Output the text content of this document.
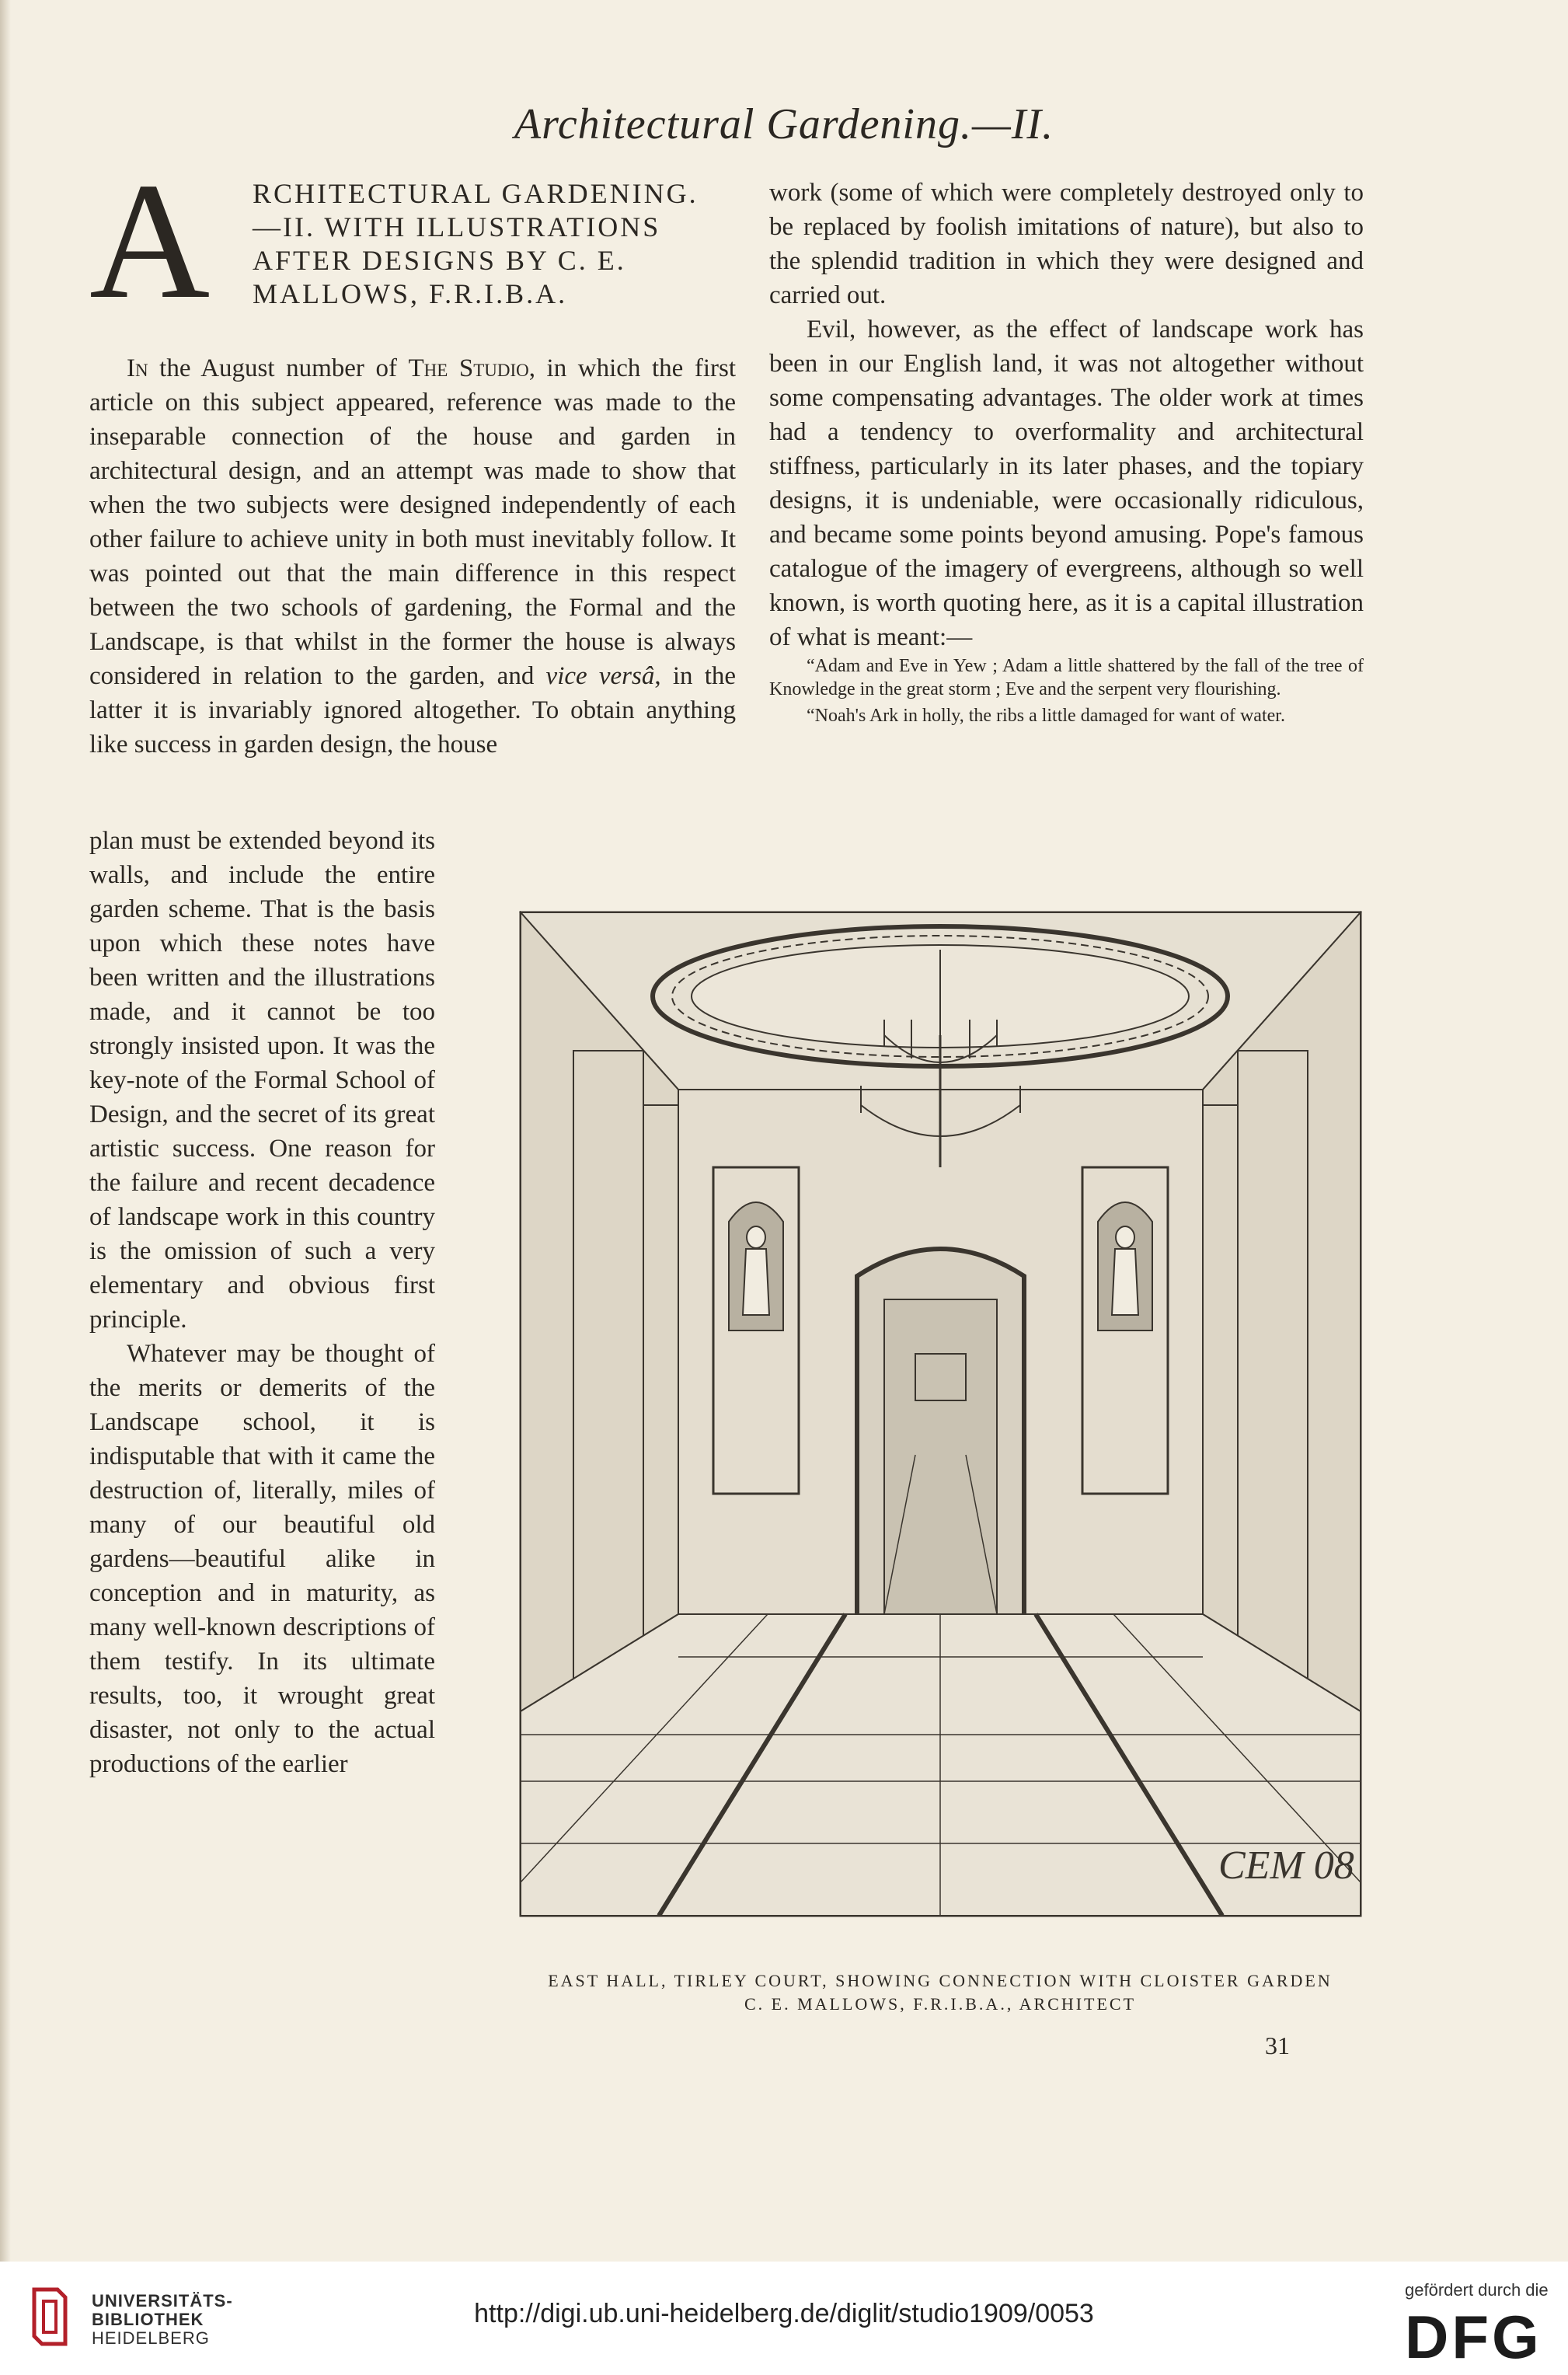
Architectural Gardening.—II.
A RCHITECTURAL GARDENING.
—II. WITH ILLUSTRATIONS
AFTER DESIGNS BY C. E.
MALLOWS, F.R.I.B.A.

In the August number of The Studio, in which the first article on this subject appeared, reference was made to the inseparable connection of the house and garden in architectural design, and an attempt was made to show that when the two subjects were designed independently of each other failure to achieve unity in both must inevitably follow. It was pointed out that the main difference in this respect between the two schools of gardening, the Formal and the Landscape, is that whilst in the former the house is always considered in relation to the garden, and vice versâ, in the latter it is invariably ignored altogether. To obtain anything like success in garden design, the house

plan must be extended beyond its walls, and include the entire garden scheme. That is the basis upon which these notes have been written and the illustrations made, and it cannot be too strongly insisted upon. It was the key-note of the Formal School of Design, and the secret of its great artistic success. One reason for the failure and recent decadence of landscape work in this country is the omission of such a very elementary and obvious first principle.

Whatever may be thought of the merits or demerits of the Landscape school, it is indisputable that with it came the destruction of, literally, miles of many of our beautiful old gardens—beautiful alike in conception and in maturity, as many well-known descriptions of them testify. In its ultimate results, too, it wrought great disaster, not only to the actual productions of the earlier

work (some of which were completely destroyed only to be replaced by foolish imitations of nature), but also to the splendid tradition in which they were designed and carried out.

Evil, however, as the effect of landscape work has been in our English land, it was not altogether without some compensating advantages. The older work at times had a tendency to overformality and architectural stiffness, particularly in its later phases, and the topiary designs, it is undeniable, were occasionally ridiculous, and became some points beyond amusing. Pope's famous catalogue of the imagery of evergreens, although so well known, is worth quoting here, as it is a capital illustration of what is meant:—

“Adam and Eve in Yew ; Adam a little shattered by the fall of the tree of Knowledge in the great storm ; Eve and the serpent very flourishing.

“Noah's Ark in holly, the ribs a little damaged for want of water.

CEM 08
EAST HALL, TIRLEY COURT, SHOWING CONNECTION WITH CLOISTER GARDEN
C. E. MALLOWS, F.R.I.B.A., ARCHITECT
31
UNIVERSITÄTS-
BIBLIOTHEK
HEIDELBERG
http://digi.ub.uni-heidelberg.de/diglit/studio1909/0053
gefördert durch die
DFG
